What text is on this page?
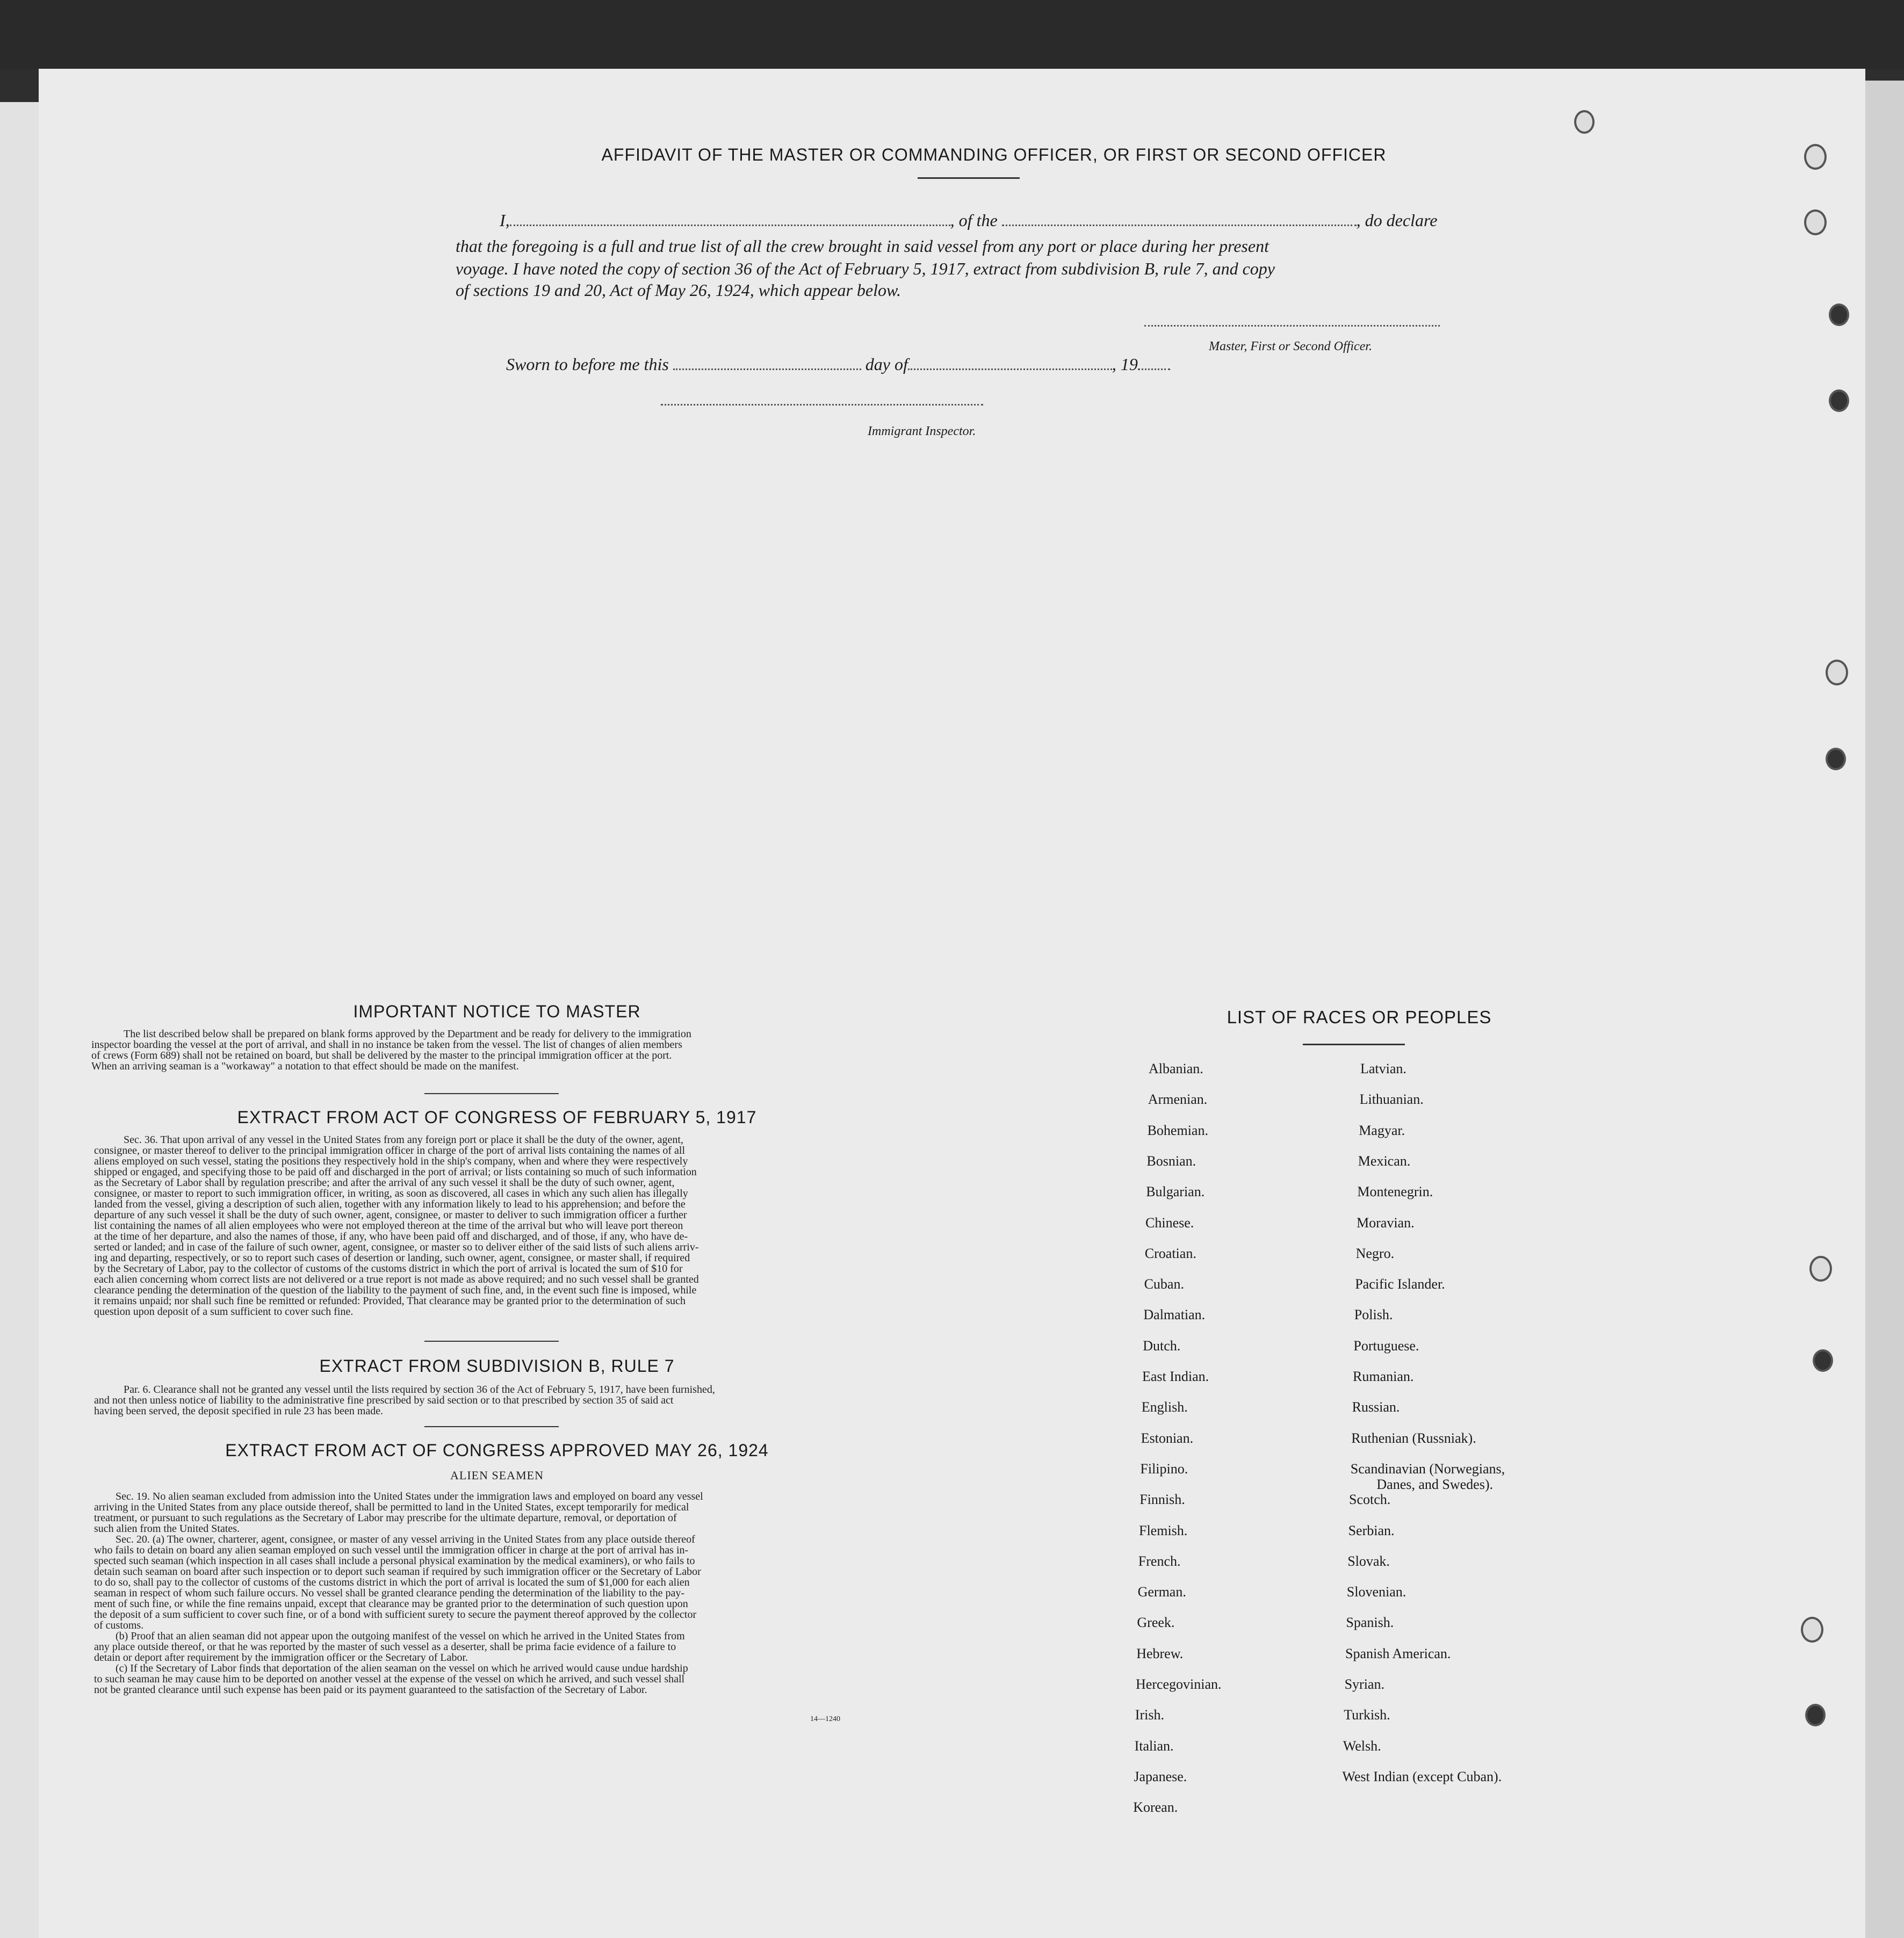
AFFIDAVIT OF THE MASTER OR COMMANDING OFFICER, OR FIRST OR SECOND OFFICER
I,	, of the	, do declare
that the foregoing is a full and true list of all the crew brought in said vessel from any port or place during her present
voyage. I have noted the copy of section 36 of the Act of February 5, 1917, extract from subdivision B, rule 7, and copy
of sections 19 and 20, Act of May 26, 1924, which appear below.
Master, First or Second Officer.
Sworn to before me this	day of	, 19
Immigrant Inspector.
IMPORTANT NOTICE TO MASTER
The list described below shall be prepared on blank forms approved by the Department and be ready for delivery to the immigration
inspector boarding the vessel at the port of arrival, and shall in no instance be taken from the vessel. The list of changes of alien members
of crews (Form 689) shall not be retained on board, but shall be delivered by the master to the principal immigration officer at the port.
When an arriving seaman is a "workaway" a notation to that effect should be made on the manifest.
EXTRACT FROM ACT OF CONGRESS OF FEBRUARY 5, 1917
Sec. 36. That upon arrival of any vessel in the United States from any foreign port or place it shall be the duty of the owner, agent,
consignee, or master thereof to deliver to the principal immigration officer in charge of the port of arrival lists containing the names of all
aliens employed on such vessel, stating the positions they respectively hold in the ship's company, when and where they were respectively
shipped or engaged, and specifying those to be paid off and discharged in the port of arrival; or lists containing so much of such information
as the Secretary of Labor shall by regulation prescribe; and after the arrival of any such vessel it shall be the duty of such owner, agent,
consignee, or master to report to such immigration officer, in writing, as soon as discovered, all cases in which any such alien has illegally
landed from the vessel, giving a description of such alien, together with any information likely to lead to his apprehension; and before the
departure of any such vessel it shall be the duty of such owner, agent, consignee, or master to deliver to such immigration officer a further
list containing the names of all alien employees who were not employed thereon at the time of the arrival but who will leave port thereon
at the time of her departure, and also the names of those, if any, who have been paid off and discharged, and of those, if any, who have de-
serted or landed; and in case of the failure of such owner, agent, consignee, or master so to deliver either of the said lists of such aliens arriv-
ing and departing, respectively, or so to report such cases of desertion or landing, such owner, agent, consignee, or master shall, if required
by the Secretary of Labor, pay to the collector of customs of the customs district in which the port of arrival is located the sum of $10 for
each alien concerning whom correct lists are not delivered or a true report is not made as above required; and no such vessel shall be granted
clearance pending the determination of the question of the liability to the payment of such fine, and, in the event such fine is imposed, while
it remains unpaid; nor shall such fine be remitted or refunded: Provided, That clearance may be granted prior to the determination of such
question upon deposit of a sum sufficient to cover such fine.
EXTRACT FROM SUBDIVISION B, RULE 7
Par. 6. Clearance shall not be granted any vessel until the lists required by section 36 of the Act of February 5, 1917, have been furnished,
and not then unless notice of liability to the administrative fine prescribed by said section or to that prescribed by section 35 of said act
having been served, the deposit specified in rule 23 has been made.
EXTRACT FROM ACT OF CONGRESS APPROVED MAY 26, 1924
ALIEN SEAMEN
Sec. 19. No alien seaman excluded from admission into the United States under the immigration laws and employed on board any vessel
arriving in the United States from any place outside thereof, shall be permitted to land in the United States, except temporarily for medical
treatment, or pursuant to such regulations as the Secretary of Labor may prescribe for the ultimate departure, removal, or deportation of
such alien from the United States.
Sec. 20. (a) The owner, charterer, agent, consignee, or master of any vessel arriving in the United States from any place outside thereof
who fails to detain on board any alien seaman employed on such vessel until the immigration officer in charge at the port of arrival has in-
spected such seaman (which inspection in all cases shall include a personal physical examination by the medical examiners), or who fails to
detain such seaman on board after such inspection or to deport such seaman if required by such immigration officer or the Secretary of Labor
to do so, shall pay to the collector of customs of the customs district in which the port of arrival is located the sum of $1,000 for each alien
seaman in respect of whom such failure occurs. No vessel shall be granted clearance pending the determination of the liability to the pay-
ment of such fine, or while the fine remains unpaid, except that clearance may be granted prior to the determination of such question upon
the deposit of a sum sufficient to cover such fine, or of a bond with sufficient surety to secure the payment thereof approved by the collector
of customs.
(b) Proof that an alien seaman did not appear upon the outgoing manifest of the vessel on which he arrived in the United States from
any place outside thereof, or that he was reported by the master of such vessel as a deserter, shall be prima facie evidence of a failure to
detain or deport after requirement by the immigration officer or the Secretary of Labor.
(c) If the Secretary of Labor finds that deportation of the alien seaman on the vessel on which he arrived would cause undue hardship
to such seaman he may cause him to be deported on another vessel at the expense of the vessel on which he arrived, and such vessel shall
not be granted clearance until such expense has been paid or its payment guaranteed to the satisfaction of the Secretary of Labor.
14—1240
LIST OF RACES OR PEOPLES
Albanian.
Armenian.
Bohemian.
Bosnian.
Bulgarian.
Chinese.
Croatian.
Cuban.
Dalmatian.
Dutch.
East Indian.
English.
Estonian.
Filipino.
Finnish.
Flemish.
French.
German.
Greek.
Hebrew.
Hercegovinian.
Irish.
Italian.
Japanese.
Korean.
Latvian.
Lithuanian.
Magyar.
Mexican.
Montenegrin.
Moravian.
Negro.
Pacific Islander.
Polish.
Portuguese.
Rumanian.
Russian.
Ruthenian (Russniak).
Scandinavian (Norwegians,
Danes, and Swedes).
Scotch.
Serbian.
Slovak.
Slovenian.
Spanish.
Spanish American.
Syrian.
Turkish.
Welsh.
West Indian (except Cuban).
